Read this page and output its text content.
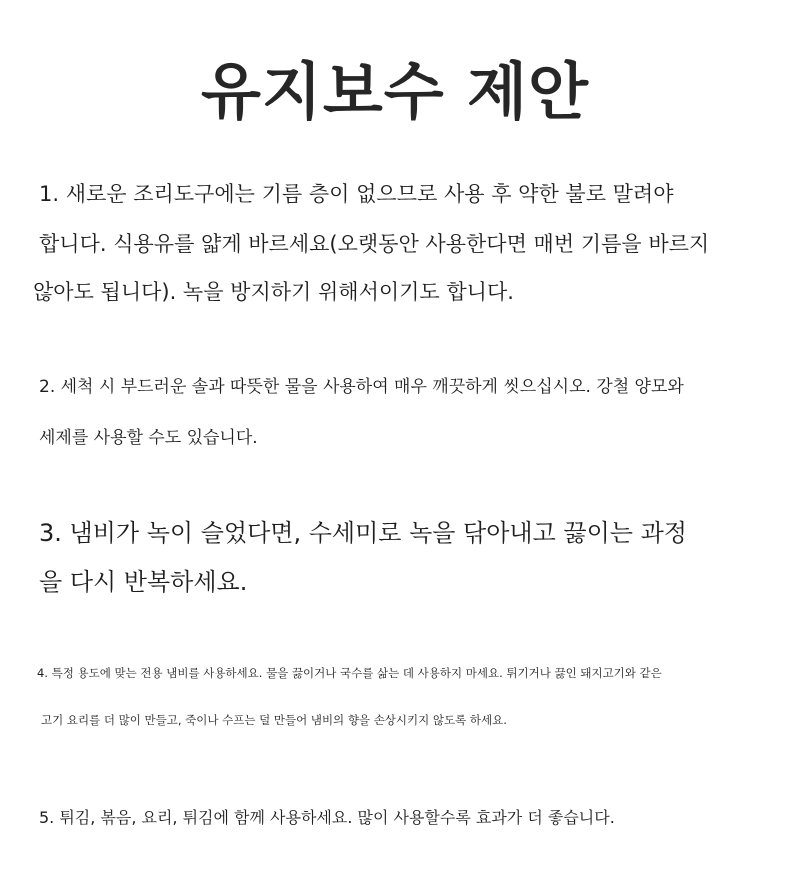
유지보수 제안
1. 새로운 조리도구에는 기름 층이 없으므로 사용 후 약한 불로 말려야
합니다. 식용유를 얇게 바르세요(오랫동안 사용한다면 매번 기름을 바르지
않아도 됩니다). 녹을 방지하기 위해서이기도 합니다.
2. 세척 시 부드러운 솔과 따뜻한 물을 사용하여 매우 깨끗하게 씻으십시오. 강철 양모와
세제를 사용할 수도 있습니다.
3. 냄비가 녹이 슬었다면, 수세미로 녹을 닦아내고 끓이는 과정
을 다시 반복하세요.
4. 특정 용도에 맞는 전용 냄비를 사용하세요. 물을 끓이거나 국수를 삶는 데 사용하지 마세요. 튀기거나 끓인 돼지고기와 같은
고기 요리를 더 많이 만들고, 죽이나 수프는 덜 만들어 냄비의 향을 손상시키지 않도록 하세요.
5. 튀김, 볶음, 요리, 튀김에 함께 사용하세요. 많이 사용할수록 효과가 더 좋습니다.
